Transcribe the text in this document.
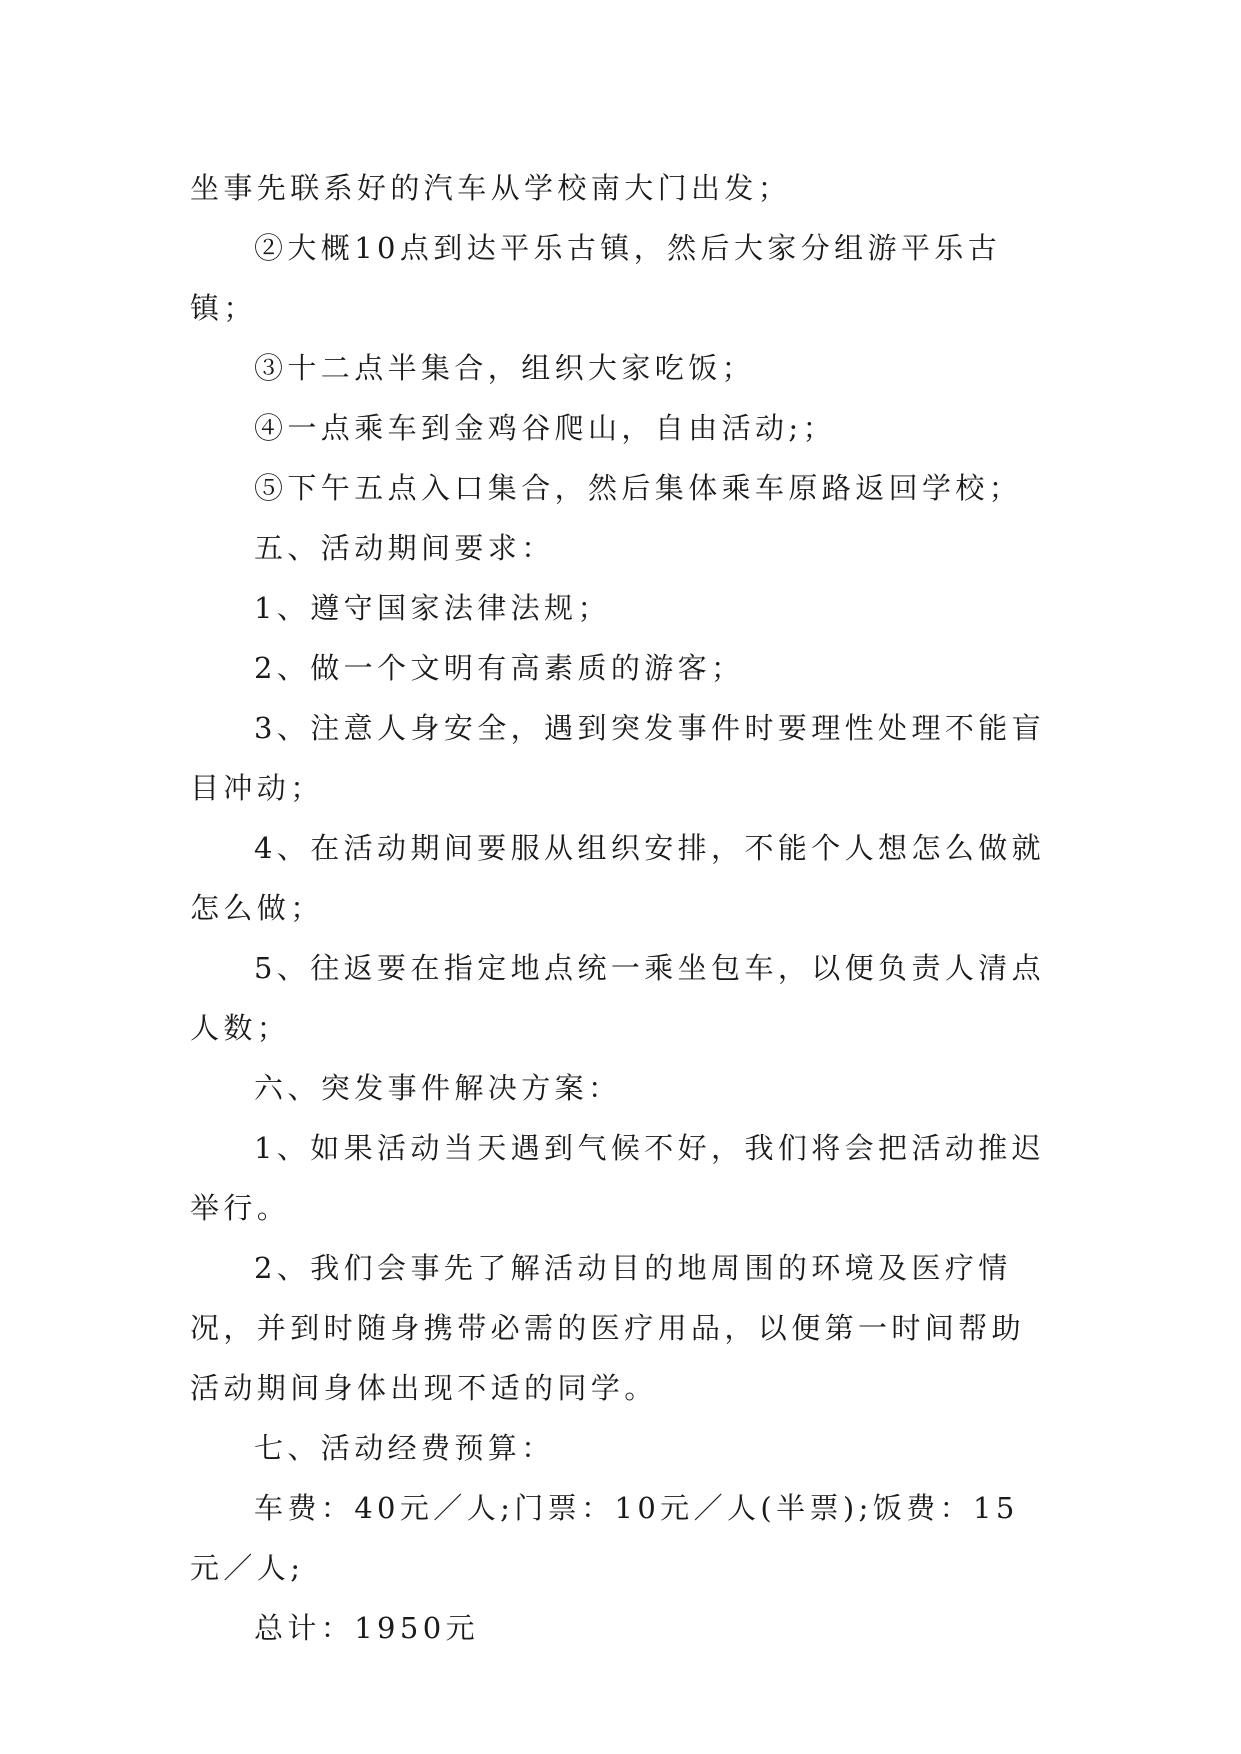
坐事先联系好的汽车从学校南大门出发；

②大概10点到达平乐古镇，然后大家分组游平乐古镇；

③十二点半集合，组织大家吃饭；

④一点乘车到金鸡谷爬山，自由活动;；

⑤下午五点入口集合，然后集体乘车原路返回学校；

五、活动期间要求：

1、遵守国家法律法规；

2、做一个文明有高素质的游客；

3、注意人身安全，遇到突发事件时要理性处理不能盲目冲动；

4、在活动期间要服从组织安排，不能个人想怎么做就怎么做；

5、往返要在指定地点统一乘坐包车，以便负责人清点人数；

六、突发事件解决方案：

1、如果活动当天遇到气候不好，我们将会把活动推迟举行。

2、我们会事先了解活动目的地周围的环境及医疗情况，并到时随身携带必需的医疗用品，以便第一时间帮助活动期间身体出现不适的同学。

七、活动经费预算：

车费：40元／人;门票：10元／人(半票);饭费：15元／人;

总计：1950元
